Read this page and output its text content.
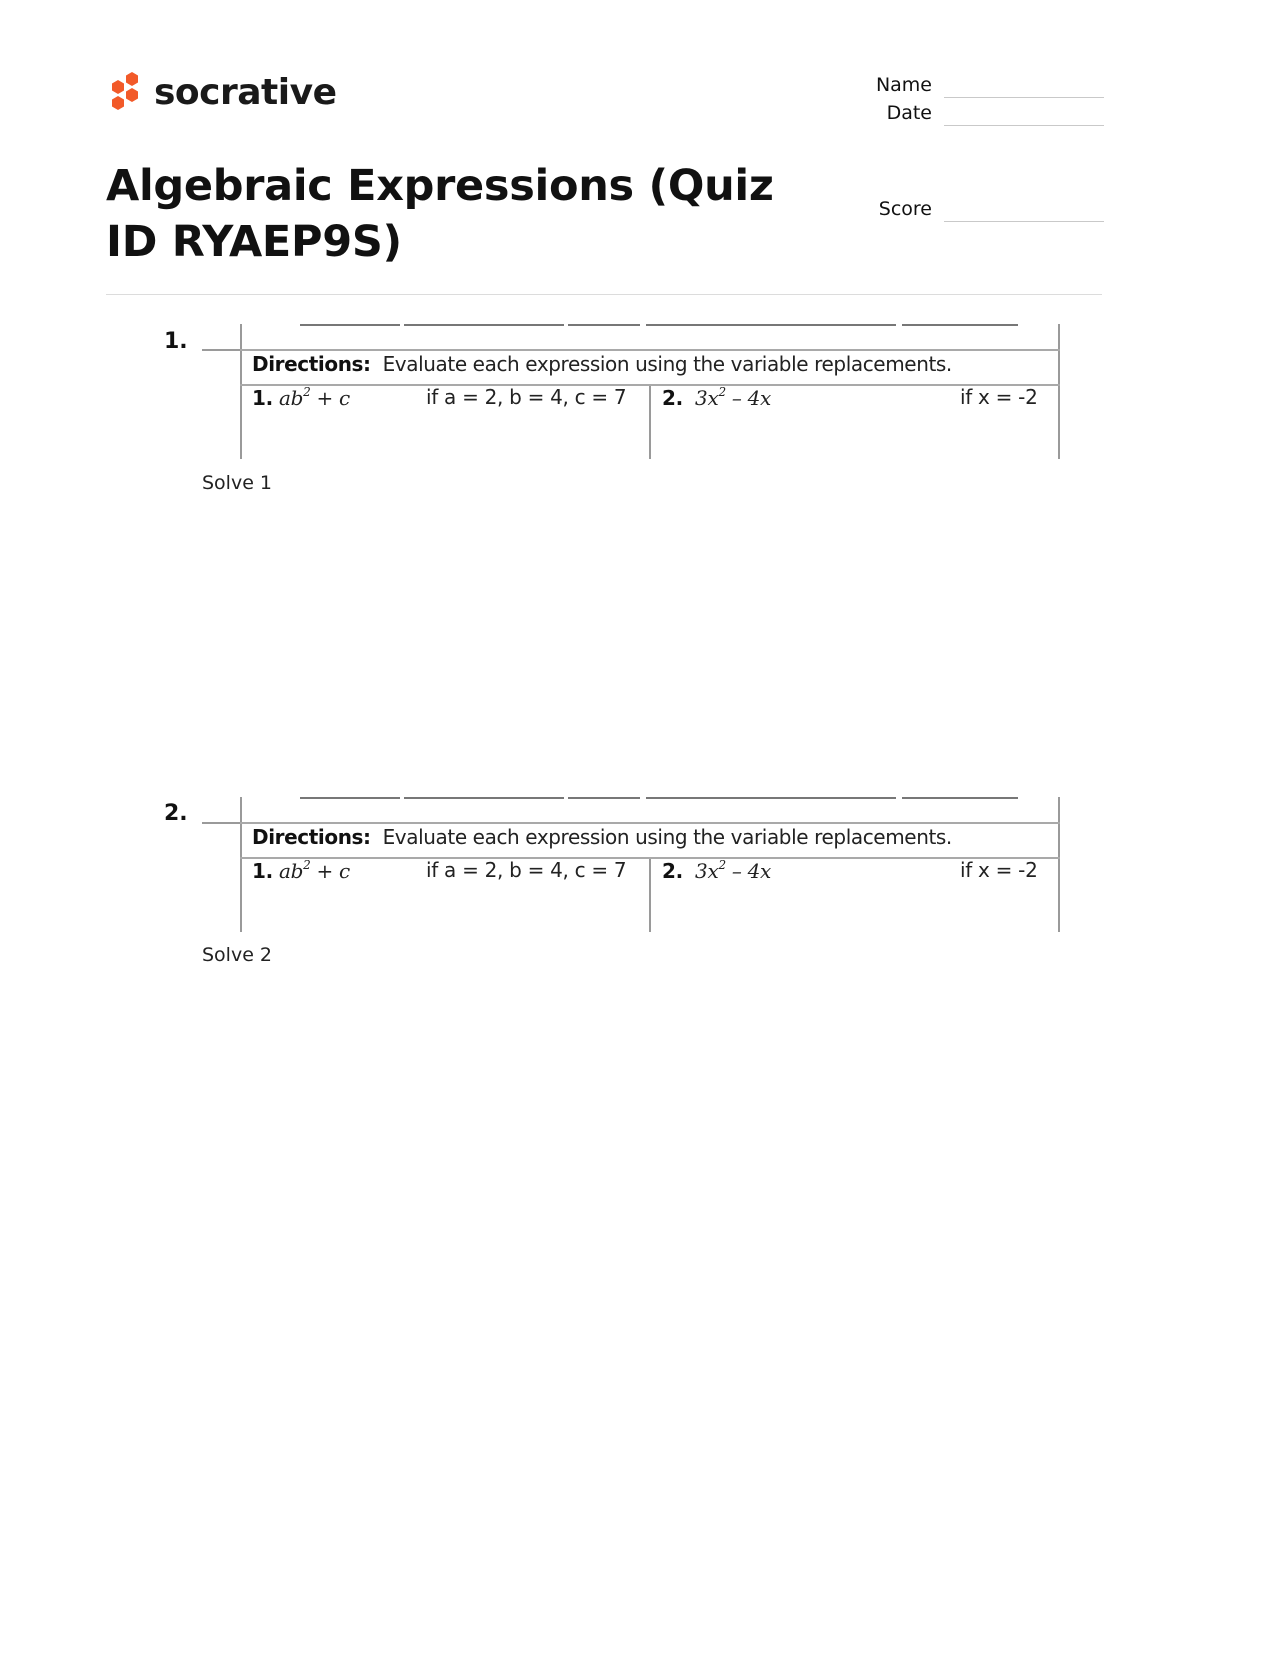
socrative	Name
Date
Score
Algebraic Expressions (Quiz ID RYAEP9S)
1.
Directions: Evaluate each expression using the variable replacements.
1. $ab^2 + c$	if a = 2, b = 4, c = 7 2. $3x^2 - 4x$	if x = -2
Solve 1
2.
Directions: Evaluate each expression using the variable replacements.
1. $ab^2 + c$	if a = 2, b = 4, c = 7 2. $3x^2 - 4x$	if x = -2
Solve 2
